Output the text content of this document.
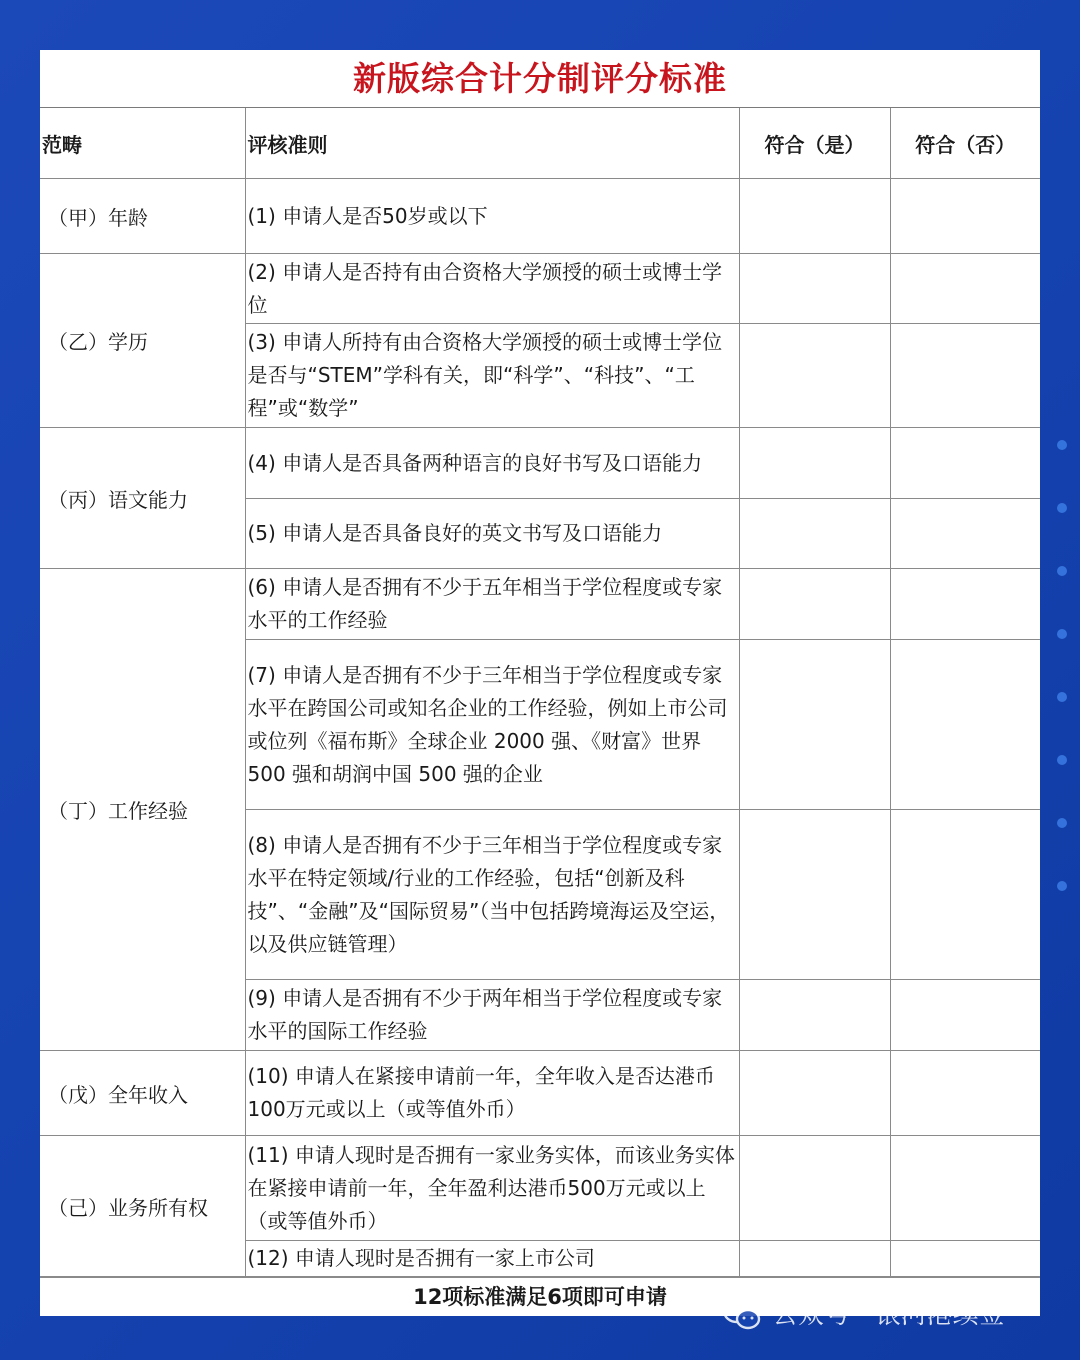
新版综合计分制评分标准
范畴	评核准则	符合（是）	符合（否）
（甲）年龄	(1) 申请人是否50岁或以下		
（乙）学历	(2) 申请人是否持有由合资格大学颁授的硕士或博士学位		
	(3) 申请人所持有由合资格大学颁授的硕士或博士学位是否与“STEM”学科有关，即“科学”、“科技”、“工程”或“数学”		
（丙）语文能力	(4) 申请人是否具备两种语言的良好书写及口语能力		
	(5) 申请人是否具备良好的英文书写及口语能力		
（丁）工作经验	(6) 申请人是否拥有不少于五年相当于学位程度或专家水平的工作经验		
	(7) 申请人是否拥有不少于三年相当于学位程度或专家水平在跨国公司或知名企业的工作经验，例如上市公司或位列《福布斯》全球企业 2000 强、《财富》世界 500 强和胡润中国 500 强的企业		
	(8) 申请人是否拥有不少于三年相当于学位程度或专家水平在特定领域/行业的工作经验，包括“创新及科技”、“金融”及“国际贸易”（当中包括跨境海运及空运，以及供应链管理）		
	(9) 申请人是否拥有不少于两年相当于学位程度或专家水平的国际工作经验		
（戊）全年收入	(10) 申请人在紧接申请前一年，全年收入是否达港币100万元或以上（或等值外币）		
（己）业务所有权	(11) 申请人现时是否拥有一家业务实体，而该业务实体在紧接申请前一年，全年盈利达港币500万元或以上（或等值外币）		
	(12) 申请人现时是否拥有一家上市公司		
12项标准满足6项即可申请
公众号 · 银河港续签
